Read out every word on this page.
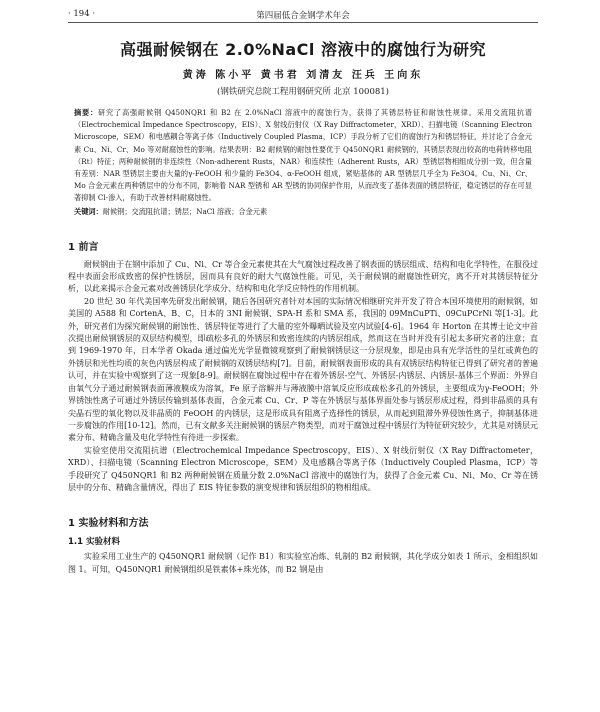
· 194 ·	第四届低合金钢学术年会
高强耐候钢在 2.0%NaCl 溶液中的腐蚀行为研究
黄涛 陈小平 黄书君 刘清友 汪兵 王向东
(钢铁研究总院工程用钢研究所 北京 100081)
摘要：研究了高强耐候钢 Q450NQR1 和 B2 在 2.0%NaCl 溶液中的腐蚀行为，获得了其锈层特征和耐蚀性规律。采用交流阻抗谱（Electrochemical Impedance Spectroscopy，EIS）、X 射线衍射仪（X Ray Diffractometer，XRD）、扫描电镜（Scanning Electron Microscope，SEM）和电感耦合等离子体（Inductively Coupled Plasma，ICP）手段分析了它们的腐蚀行为和锈层特征，并讨论了合金元素 Cu、Ni、Cr、Mo 等对耐腐蚀性的影响。结果表明：B2 耐候钢的耐蚀性要优于 Q450NQR1 耐候钢的，其锈层表现出较高的电荷转移电阻（Rt）特征；两种耐候钢的非连续性（Non-adherent Rusts，NAR）和连续性（Adherent Rusts，AR）型锈层物相组成分别一致，但含量有差别：NAR 型锈层主要由大量的γ-FeOOH 和少量的 Fe3O4、α-FeOOH 组成，紧贴基体的 AR 型锈层几乎全为 Fe3O4。Cu、Ni、Cr、Mo 合金元素在两种锈层中的分布不同，影响着 NAR 型锈和 AR 型锈的协同保护作用，从而改变了基体表面的锈层特征，稳定锈层的存在可显著抑制 Cl-渗入，有助于改善材料耐腐蚀性。
关键词：耐候钢；交流阻抗谱；锈层；NaCl 溶液；合金元素
1 前言

耐候钢由于在钢中添加了 Cu、Ni、Cr 等合金元素使其在大气腐蚀过程改善了钢表面的锈层组成、结构和电化学特性，在服役过程中表面会形成致密的保护性锈层，因而具有良好的耐大气腐蚀性能。可见，关于耐候钢的耐腐蚀性研究，离不开对其锈层特征分析，以此来揭示合金元素对改善锈层化学成分、结构和电化学反应特性的作用机制。

20 世纪 30 年代美国率先研发出耐候钢，随后各国研究者针对本国的实际情况相继研究并开发了符合本国环境使用的耐候钢，如美国的 A588 和 CortenA、B、C，日本的 3NI 耐候钢、SPA-H 系和 SMA 系，我国的 09MnCuPTi、09CuPCrNi 等[1-3]。此外，研究者们为探究耐候钢的耐蚀性、锈层特征等进行了大量的室外曝晒试验及室内试验[4-6]。1964 年 Horton 在其博士论文中首次提出耐候钢锈层的双层结构模型，即疏松多孔的外锈层和致密连续的内锈层组成，然而这在当时并没有引起太多研究者的注意；直到 1969-1970 年，日本学者 Okada 通过偏光光学显微镜观察到了耐候钢锈层这一分层现象，即是由具有光学活性的呈红或黄色的外锈层和光性均质的灰色内锈层构成了耐候钢的双锈层结构[7]。目前，耐候钢表面形成的具有双锈层结构特征已得到了研究者的普遍认可，并在实验中观察到了这一现象[8-9]。耐候钢在腐蚀过程中存在着外锈层-空气、外锈层-内锈层、内锈层-基体三个界面：外界自由氧气分子通过耐候钢表面薄液膜成为溶氧，Fe 原子溶解并与薄液膜中溶氧反应形成疏松多孔的外锈层，主要组成为γ-FeOOH；外界锈蚀性离子可通过外锈层传输到基体表面，合金元素 Cu、Cr、P 等在外锈层与基体界面处参与锈层形成过程，得到非晶质的具有尖晶石型的氧化物以及非晶质的 FeOOH 的内锈层，这是形成具有阻离子选择性的锈层，从而起到阻滞外界侵蚀性离子，抑制基体进一步腐蚀的作用[10-12]。然而，已有文献多关注耐候钢的锈层产物类型，而对于腐蚀过程中锈层行为特征研究较少，尤其是对锈层元素分布、精确含量及电化学特性有待进一步探索。

实验室使用交流阻抗谱（Electrochemical Impedance Spectroscopy，EIS）、X 射线衍射仪（X Ray Diffractometer，XRD）、扫描电镜（Scanning Electron Microscope，SEM）及电感耦合等离子体（Inductively Coupled Plasma，ICP）等手段研究了 Q450NQR1 和 B2 两种耐候钢在质量分数 2.0%NaCl 溶液中的腐蚀行为，获得了合金元素 Cu、Ni、Mo、Cr 等在锈层中的分布、精确含量情况，得出了 EIS 特征参数的演变规律和锈层组织的物相组成。

1 实验材料和方法
1.1 实验材料

实验采用工业生产的 Q450NQR1 耐候钢（记作 B1）和实验室冶炼、轧制的 B2 耐候钢，其化学成分如表 1 所示，金相组织如图 1。可知，Q450NQR1 耐候钢组织是铁素体+珠光体，而 B2 钢是由
